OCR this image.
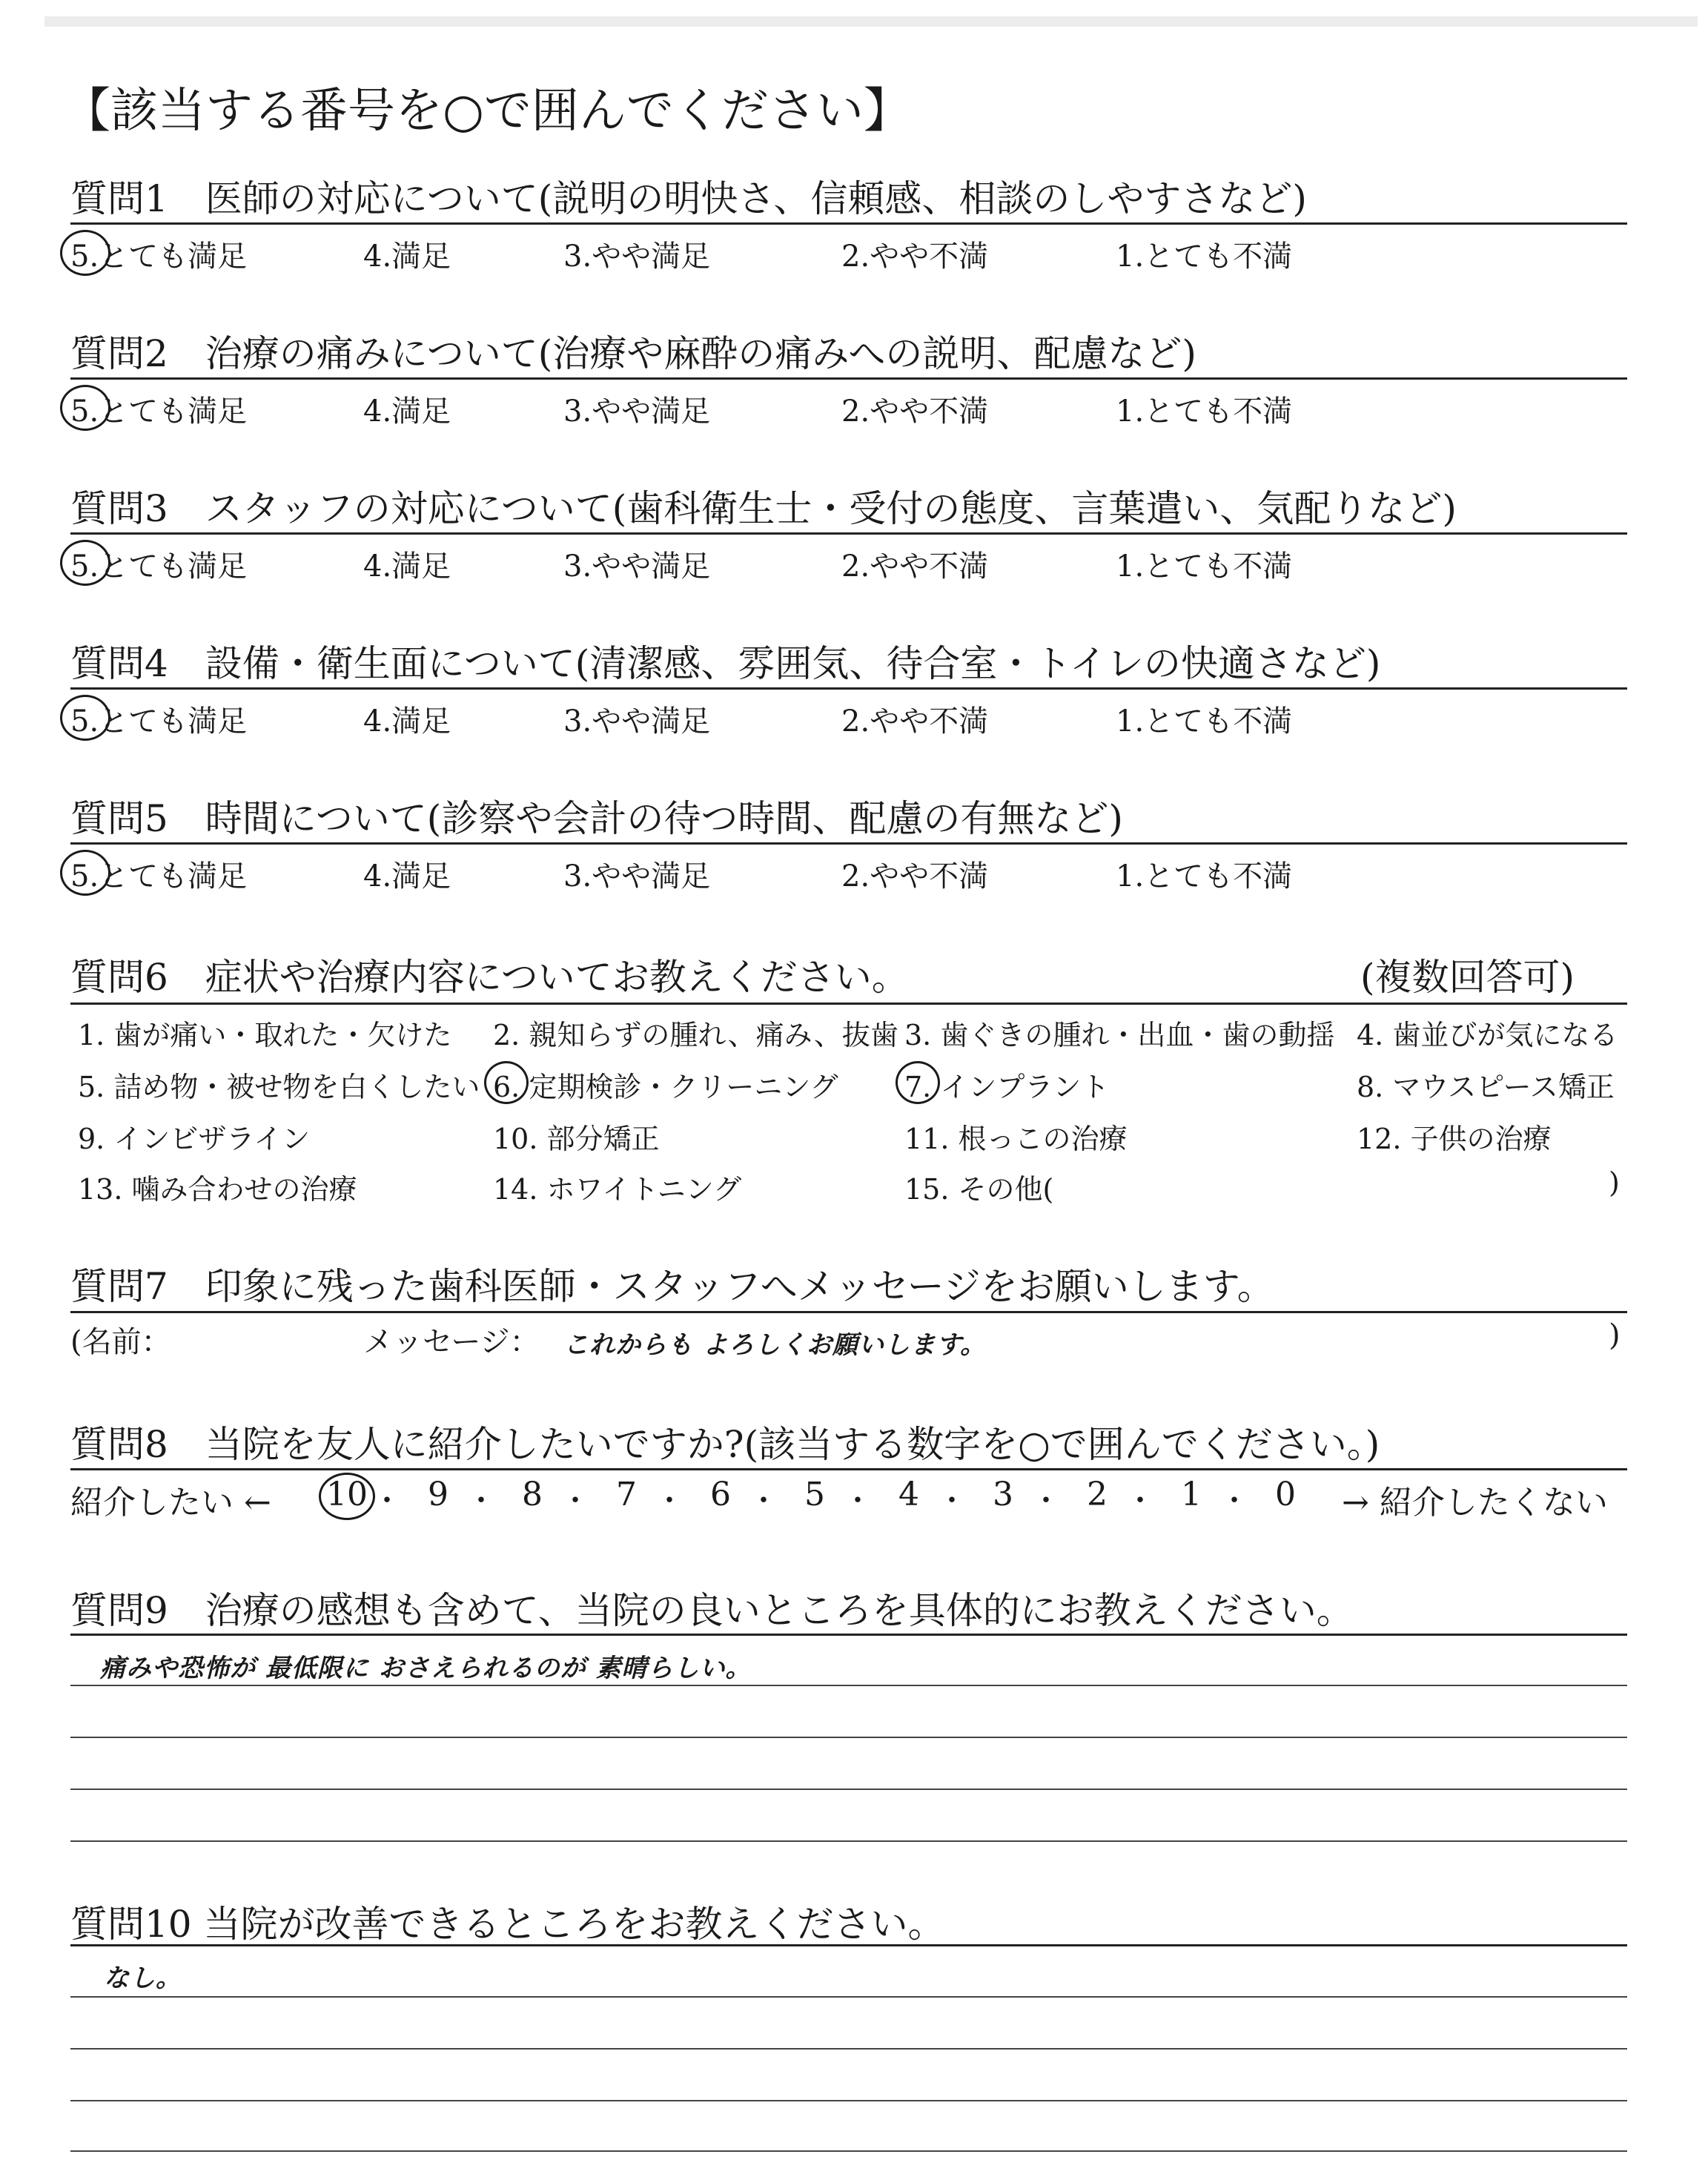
【該当する番号を○で囲んでください】
質問1　医師の対応について(説明の明快さ、信頼感、相談のしやすさなど)
5.とても満足	4.満足	3.やや満足	2.やや不満	1.とても不満
質問2　治療の痛みについて(治療や麻酔の痛みへの説明、配慮など)
5.とても満足	4.満足	3.やや満足	2.やや不満	1.とても不満
質問3　スタッフの対応について(歯科衛生士・受付の態度、言葉遣い、気配りなど)
5.とても満足	4.満足	3.やや満足	2.やや不満	1.とても不満
質問4　設備・衛生面について(清潔感、雰囲気、待合室・トイレの快適さなど)
5.とても満足	4.満足	3.やや満足	2.やや不満	1.とても不満
質問5　時間について(診察や会計の待つ時間、配慮の有無など)
5.とても満足	4.満足	3.やや満足	2.やや不満	1.とても不満
質問6　症状や治療内容についてお教えください。	(複数回答可)
1. 歯が痛い・取れた・欠けた 2. 親知らずの腫れ、痛み、抜歯 3. 歯ぐきの腫れ・出血・歯の動揺 4. 歯並びが気になる
5. 詰め物・被せ物を白くしたい 6. 定期検診・クリーニング 7. インプラント	8. マウスピース矯正
9. インビザライン	10. 部分矯正	11. 根っこの治療	12. 子供の治療
13. 噛み合わせの治療	14. ホワイトニング	15. その他(	)
質問7　印象に残った歯科医師・スタッフへメッセージをお願いします。
(名前：	メッセージ： これからも よろしくお願いします。	)
質問8　当院を友人に紹介したいですか?(該当する数字を○で囲んでください。)
紹介したい ←	→ 紹介したくない
10 ・ 9 ・ 8 ・ 7 ・ 6 ・ 5 ・ 4 ・ 3 ・ 2 ・ 1 ・ 0
質問9　治療の感想も含めて、当院の良いところを具体的にお教えください。
痛みや恐怖が 最低限に おさえられるのが 素晴らしい。
質問10 当院が改善できるところをお教えください。
なし。
